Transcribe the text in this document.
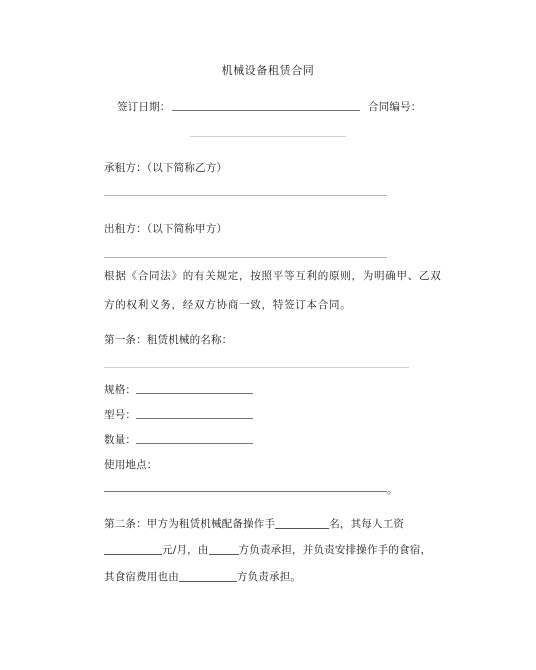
机械设备租赁合同
签订日期：	合同编号：
承租方：（以下简称乙方）
出租方：（以下简称甲方）
根据《合同法》的有关规定，按照平等互利的原则，为明确甲、乙双
方的权利义务，经双方协商一致，特签订本合同。
第一条：租赁机械的名称：
规格：
型号：
数量：
使用地点：
。
第二条：甲方为租赁机械配备操作手	名，其每人工资
元/月，由	方负责承担，并负责安排操作手的食宿，
其食宿费用也由	方负责承担。
